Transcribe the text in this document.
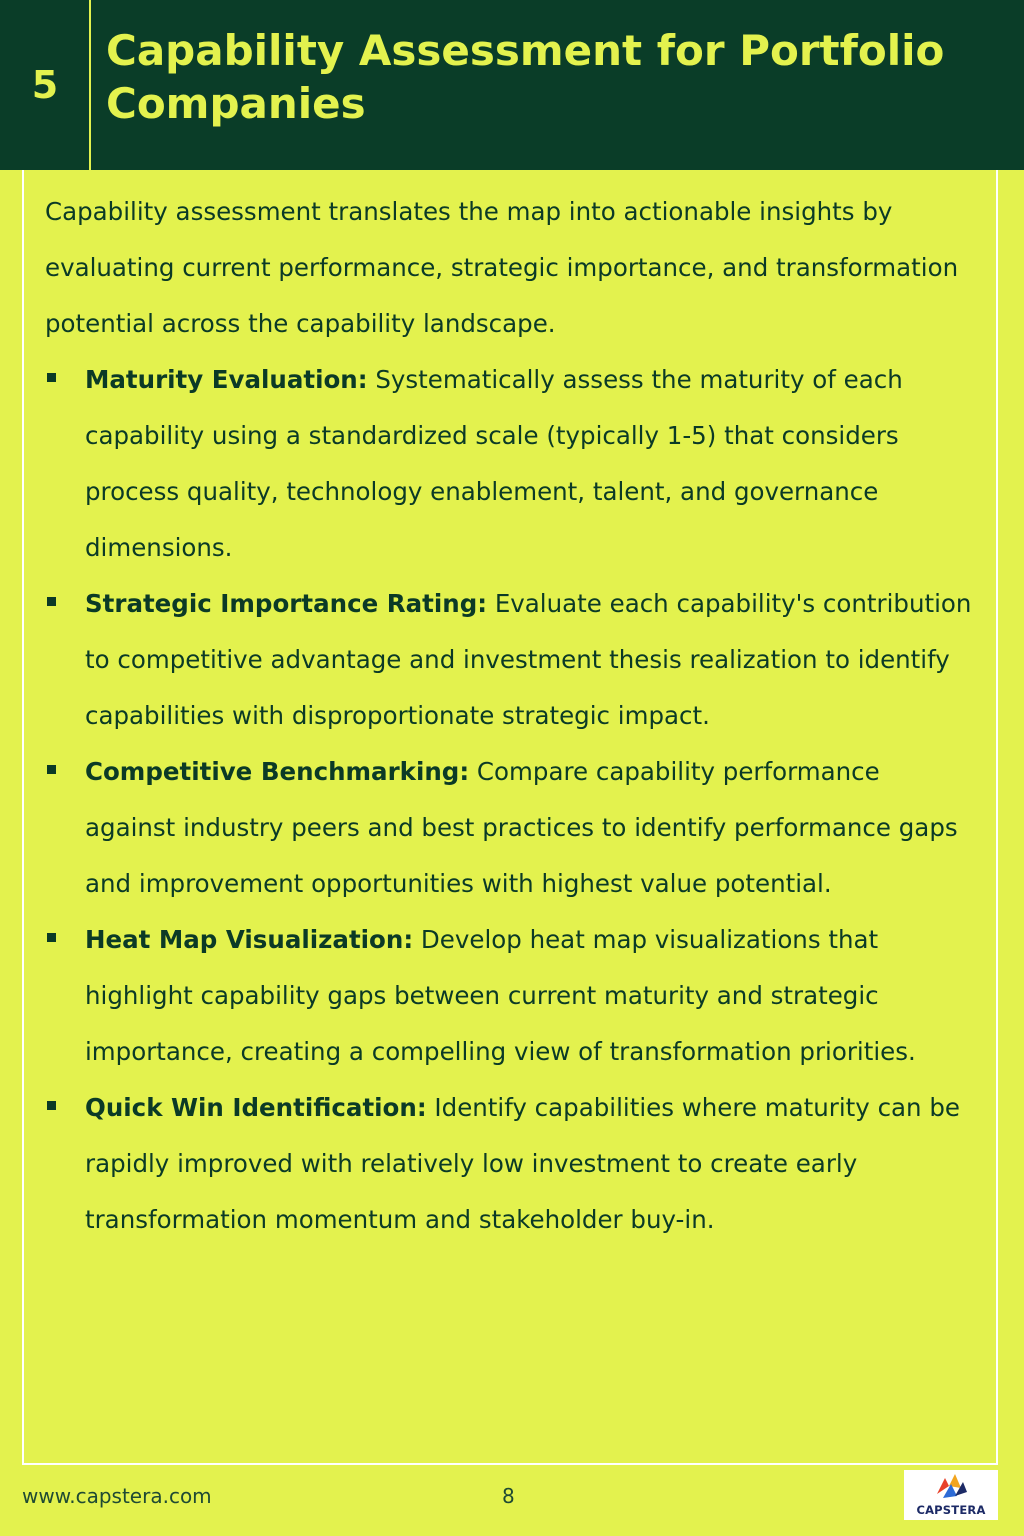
5
Capability Assessment for Portfolio Companies

Capability assessment translates the map into actionable insights by evaluating current performance, strategic importance, and transformation potential across the capability landscape.

Maturity Evaluation: Systematically assess the maturity of each capability using a standardized scale (typically 1-5) that considers process quality, technology enablement, talent, and governance dimensions.
Strategic Importance Rating: Evaluate each capability's contribution to competitive advantage and investment thesis realization to identify capabilities with disproportionate strategic impact.
Competitive Benchmarking: Compare capability performance against industry peers and best practices to identify performance gaps and improvement opportunities with highest value potential.
Heat Map Visualization: Develop heat map visualizations that highlight capability gaps between current maturity and strategic importance, creating a compelling view of transformation priorities.
Quick Win Identification: Identify capabilities where maturity can be rapidly improved with relatively low investment to create early transformation momentum and stakeholder buy-in.
www.capstera.com	8
CAPSTERA
